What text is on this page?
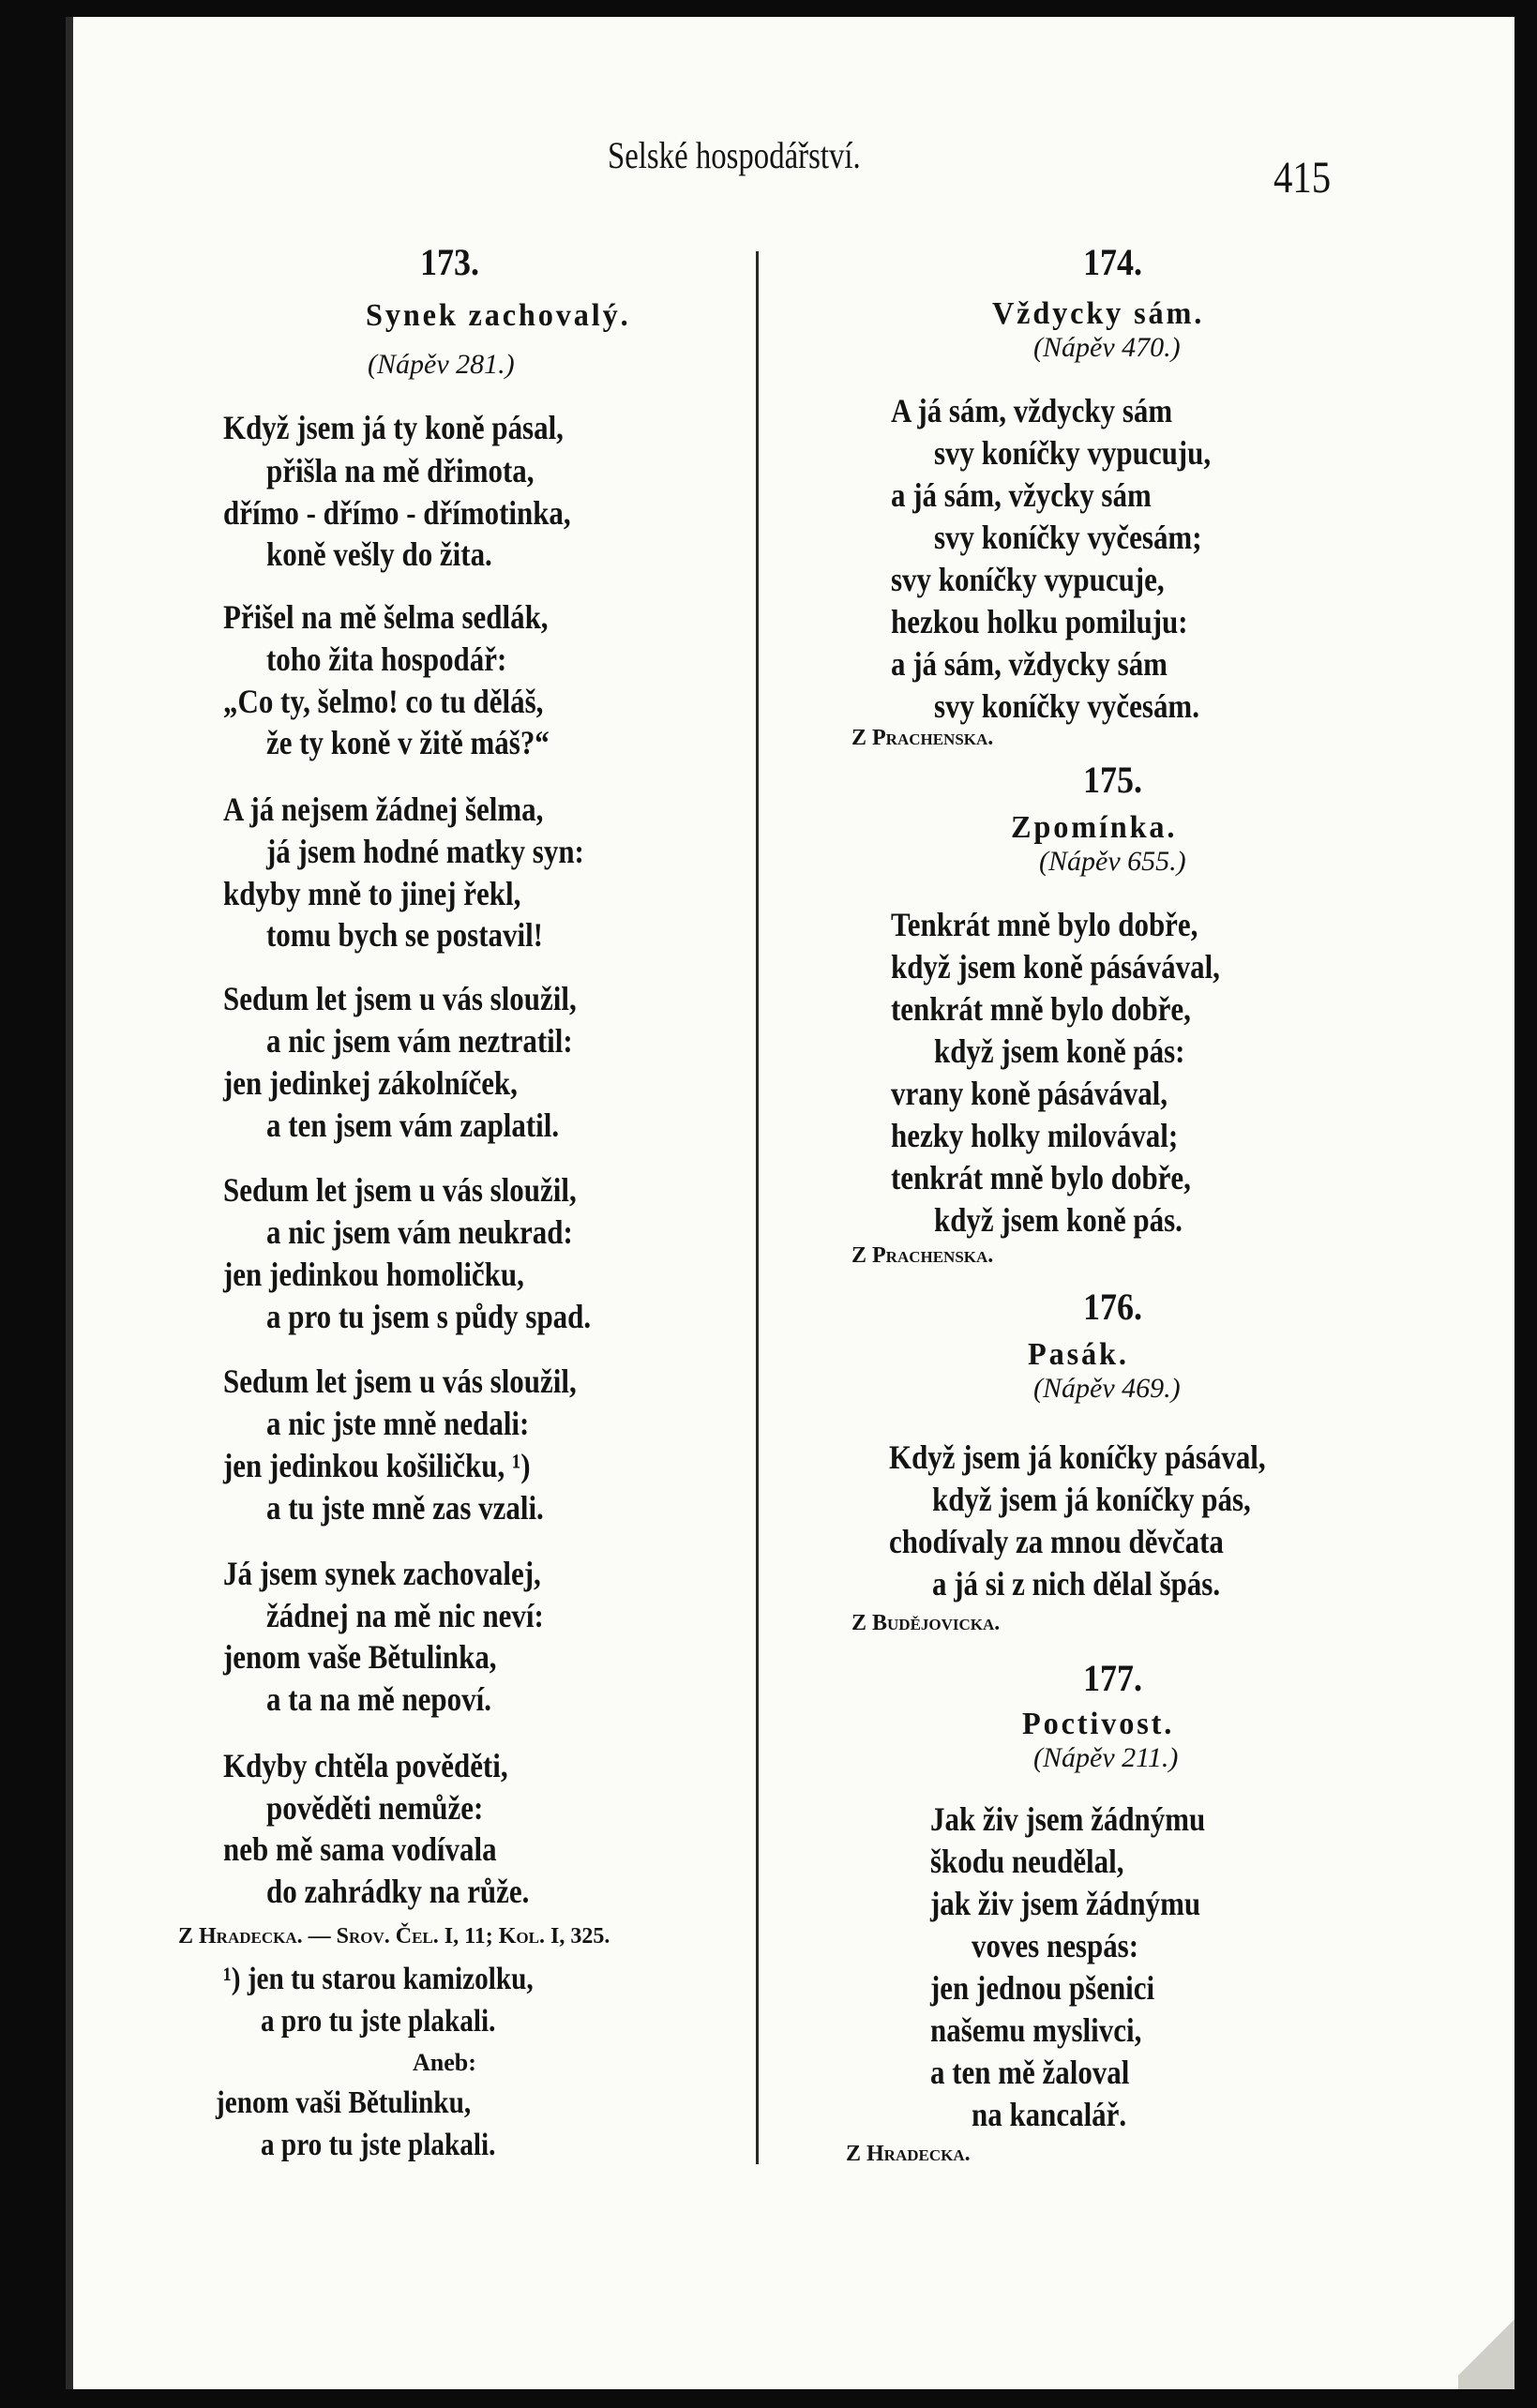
Selské hospodářství.	415
173.
Synek zachovalý.
(Nápěv 281.)
Když jsem já ty koně pásal,
přišla na mě dřimota,
dřímo - dřímo - dřímotinka,
koně vešly do žita.
Přišel na mě šelma sedlák,
toho žita hospodář:
„Co ty, šelmo! co tu děláš,
že ty koně v žitě máš?“
A já nejsem žádnej šelma,
já jsem hodné matky syn:
kdyby mně to jinej řekl,
tomu bych se postavil!
Sedum let jsem u vás sloužil,
a nic jsem vám neztratil:
jen jedinkej zákolníček,
a ten jsem vám zaplatil.
Sedum let jsem u vás sloužil,
a nic jsem vám neukrad:
jen jedinkou homoličku,
a pro tu jsem s půdy spad.
Sedum let jsem u vás sloužil,
a nic jste mně nedali:
jen jedinkou košiličku, ¹)
a tu jste mně zas vzali.
Já jsem synek zachovalej,
žádnej na mě nic neví:
jenom vaše Bětulinka,
a ta na mě nepoví.
Kdyby chtěla pověděti,
pověděti nemůže:
neb mě sama vodívala
do zahrádky na růže.
Z Hradecka. — Srov. Čel. I, 11; Kol. I, 325.
¹) jen tu starou kamizolku,
a pro tu jste plakali.
Aneb:
jenom vaši Bětulinku,
a pro tu jste plakali.
174.
Vždycky sám.
(Nápěv 470.)
A já sám, vždycky sám
svy koníčky vypucuju,
a já sám, vžycky sám
svy koníčky vyčesám;
svy koníčky vypucuje,
hezkou holku pomiluju:
a já sám, vždycky sám
svy koníčky vyčesám.
Z Prachenska.
175.
Zpomínka.
(Nápěv 655.)
Tenkrát mně bylo dobře,
když jsem koně pásávával,
tenkrát mně bylo dobře,
když jsem koně pás:
vrany koně pásávával,
hezky holky milovával;
tenkrát mně bylo dobře,
když jsem koně pás.
Z Prachenska.
176.
Pasák.
(Nápěv 469.)
Když jsem já koníčky pásával,
když jsem já koníčky pás,
chodívaly za mnou děvčata
a já si z nich dělal špás.
Z Budějovicka.
177.
Poctivost.
(Nápěv 211.)
Jak živ jsem žádnýmu
škodu neudělal,
jak živ jsem žádnýmu
voves nespás:
jen jednou pšenici
našemu myslivci,
a ten mě žaloval
na kancalář.
Z Hradecka.
